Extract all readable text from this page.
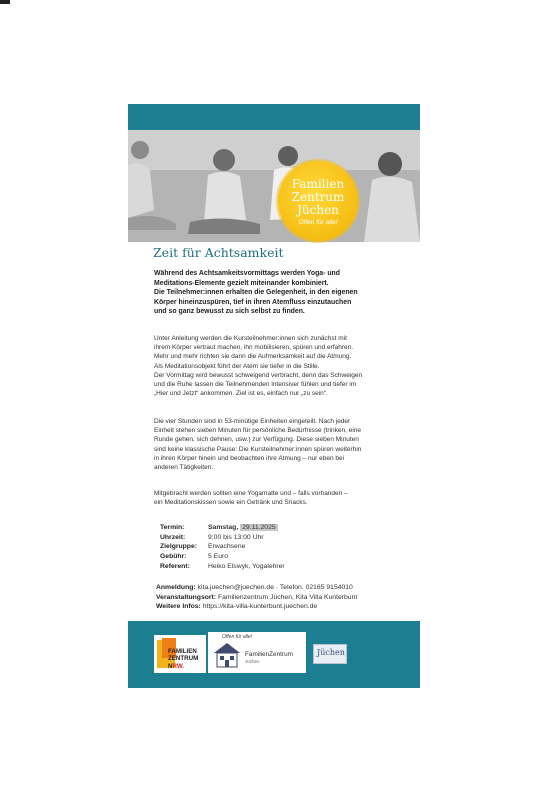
Familien
Zentrum
Jüchen
Offen für alle!
Zeit für Achtsamkeit
Während des Achtsamkeitsvormittags werden Yoga- und
Meditations-Elemente gezielt miteinander kombiniert.
Die Teilnehmer:innen erhalten die Gelegenheit, in den eigenen
Körper hineinzuspüren, tief in ihren Atemfluss einzutauchen
und so ganz bewusst zu sich selbst zu finden.
Unter Anleitung werden die Kursteilnehmer:innen sich zunächst mit
ihrem Körper vertraut machen, ihn mobilisieren, spüren und erfahren.
Mehr und mehr richten sie dann die Aufmerksamkeit auf die Atmung.
Als Meditationsobjekt führt der Atem sie tiefer in die Stille.
Der Vormittag wird bewusst schweigend verbracht, denn das Schweigen
und die Ruhe lassen die Teilnehmenden intensiver fühlen und tiefer im
„Hier und Jetzt“ ankommen. Ziel ist es, einfach nur „zu sein“.
Die vier Stunden sind in 53-minütige Einheiten eingeteilt. Nach jeder
Einheit stehen sieben Minuten für persönliche Bedürfnisse (trinken, eine
Runde gehen, sich dehnen, usw.) zur Verfügung. Diese sieben Minuten
sind keine klassische Pause: Die Kursteilnehmer:innen spüren weiterhin
in ihren Körper hinein und beobachten ihre Atmung – nur eben bei
anderen Tätigkeiten.
Mitgebracht werden sollten eine Yogamatte und – falls vorhanden –
ein Meditationskissen sowie ein Getränk und Snacks.
Termin:	Samstag, 29.11.2025
Uhrzeit:	9:00 bis 13:00 Uhr
Zielgruppe: Erwachsene
Gebühr:	5 Euro
Referent:	Heiko Elswyk, Yogalehrer
Anmeldung: kita.juechen@juechen.de · Telefon. 02165 9154010
Veranstaltungsort: Familienzentrum Jüchen, Kita Villa Kunterbunt
Weitere Infos: https://kita-villa-kunterbunt.juechen.de
FAMILIEN
ZENTRUM
NRW.
Offen für alle!
FamilienZentrum
Jüchen
Jüchen
